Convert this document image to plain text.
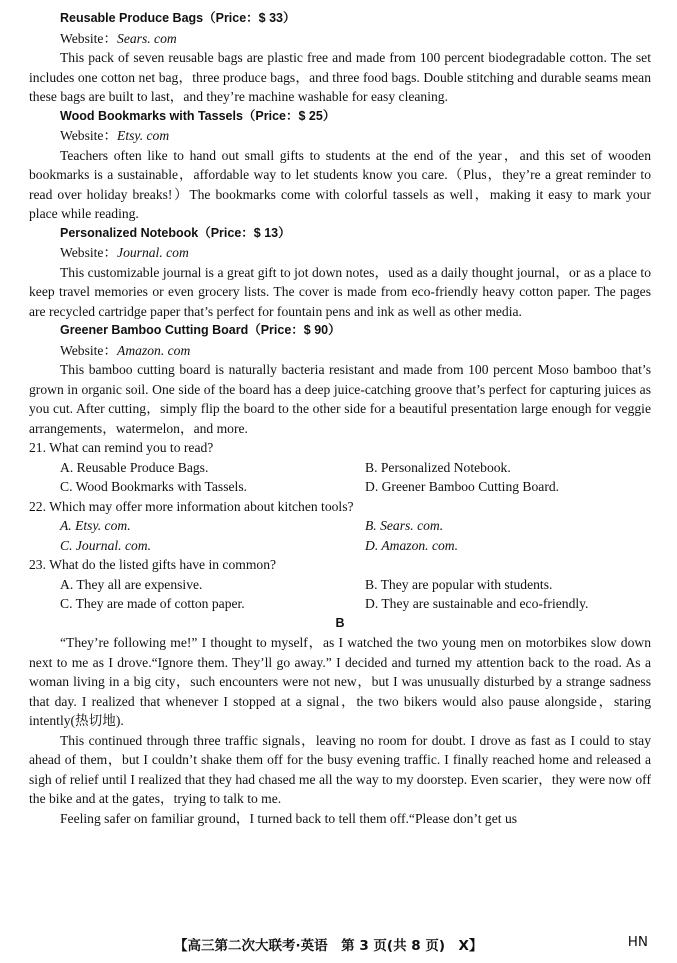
Reusable Produce Bags（Price：$ 33）
Website：Sears. com

This pack of seven reusable bags are plastic free and made from 100 percent biodegradable cotton. The set includes one cotton net bag，three produce bags，and three food bags. Double stitching and durable seams mean these bags are built to last，and they’re machine washable for easy cleaning.

Wood Bookmarks with Tassels（Price：$ 25）
Website：Etsy. com

Teachers often like to hand out small gifts to students at the end of the year，and this set of wooden bookmarks is a sustainable，affordable way to let students know you care.（Plus，they’re a great reminder to read over holiday breaks!）The bookmarks come with colorful tassels as well，making it easy to mark your place while reading.

Personalized Notebook（Price：$ 13）
Website：Journal. com

This customizable journal is a great gift to jot down notes，used as a daily thought journal，or as a place to keep travel memories or even grocery lists. The cover is made from eco-friendly heavy cotton paper. The pages are recycled cartridge paper that’s perfect for fountain pens and ink as well as other media.

Greener Bamboo Cutting Board（Price：$ 90）
Website：Amazon. com

This bamboo cutting board is naturally bacteria resistant and made from 100 percent Moso bamboo that’s grown in organic soil. One side of the board has a deep juice-catching groove that’s perfect for capturing juices as you cut. After cutting，simply flip the board to the other side for a beautiful presentation large enough for veggie arrangements，watermelon，and more.

21. What can remind you to read?
A. Reusable Produce Bags.	B. Personalized Notebook.
C. Wood Bookmarks with Tassels.	D. Greener Bamboo Cutting Board.
22. Which may offer more information about kitchen tools?
A. Etsy. com.	B. Sears. com.
C. Journal. com.	D. Amazon. com.
23. What do the listed gifts have in common?
A. They all are expensive.	B. They are popular with students.
C. They are made of cotton paper.	D. They are sustainable and eco-friendly.
B

“They’re following me!” I thought to myself，as I watched the two young men on motorbikes slow down next to me as I drove.“Ignore them. They’ll go away.” I decided and turned my attention back to the road. As a woman living in a big city，such encounters were not new，but I was unusually disturbed by a strange sadness that day. I realized that whenever I stopped at a signal，the two bikers would also pause alongside，staring intently(热切地).

This continued through three traffic signals，leaving no room for doubt. I drove as fast as I could to stay ahead of them，but I couldn’t shake them off for the busy evening traffic. I finally reached home and released a sigh of relief until I realized that they had chased me all the way to my doorstep. Even scarier，they were now off the bike and at the gates，trying to talk to me.

Feeling safer on familiar ground，I turned back to tell them off.“Please don’t get us

【高三第二次大联考·英语　第 3 页(共 8 页)　X】	HN
